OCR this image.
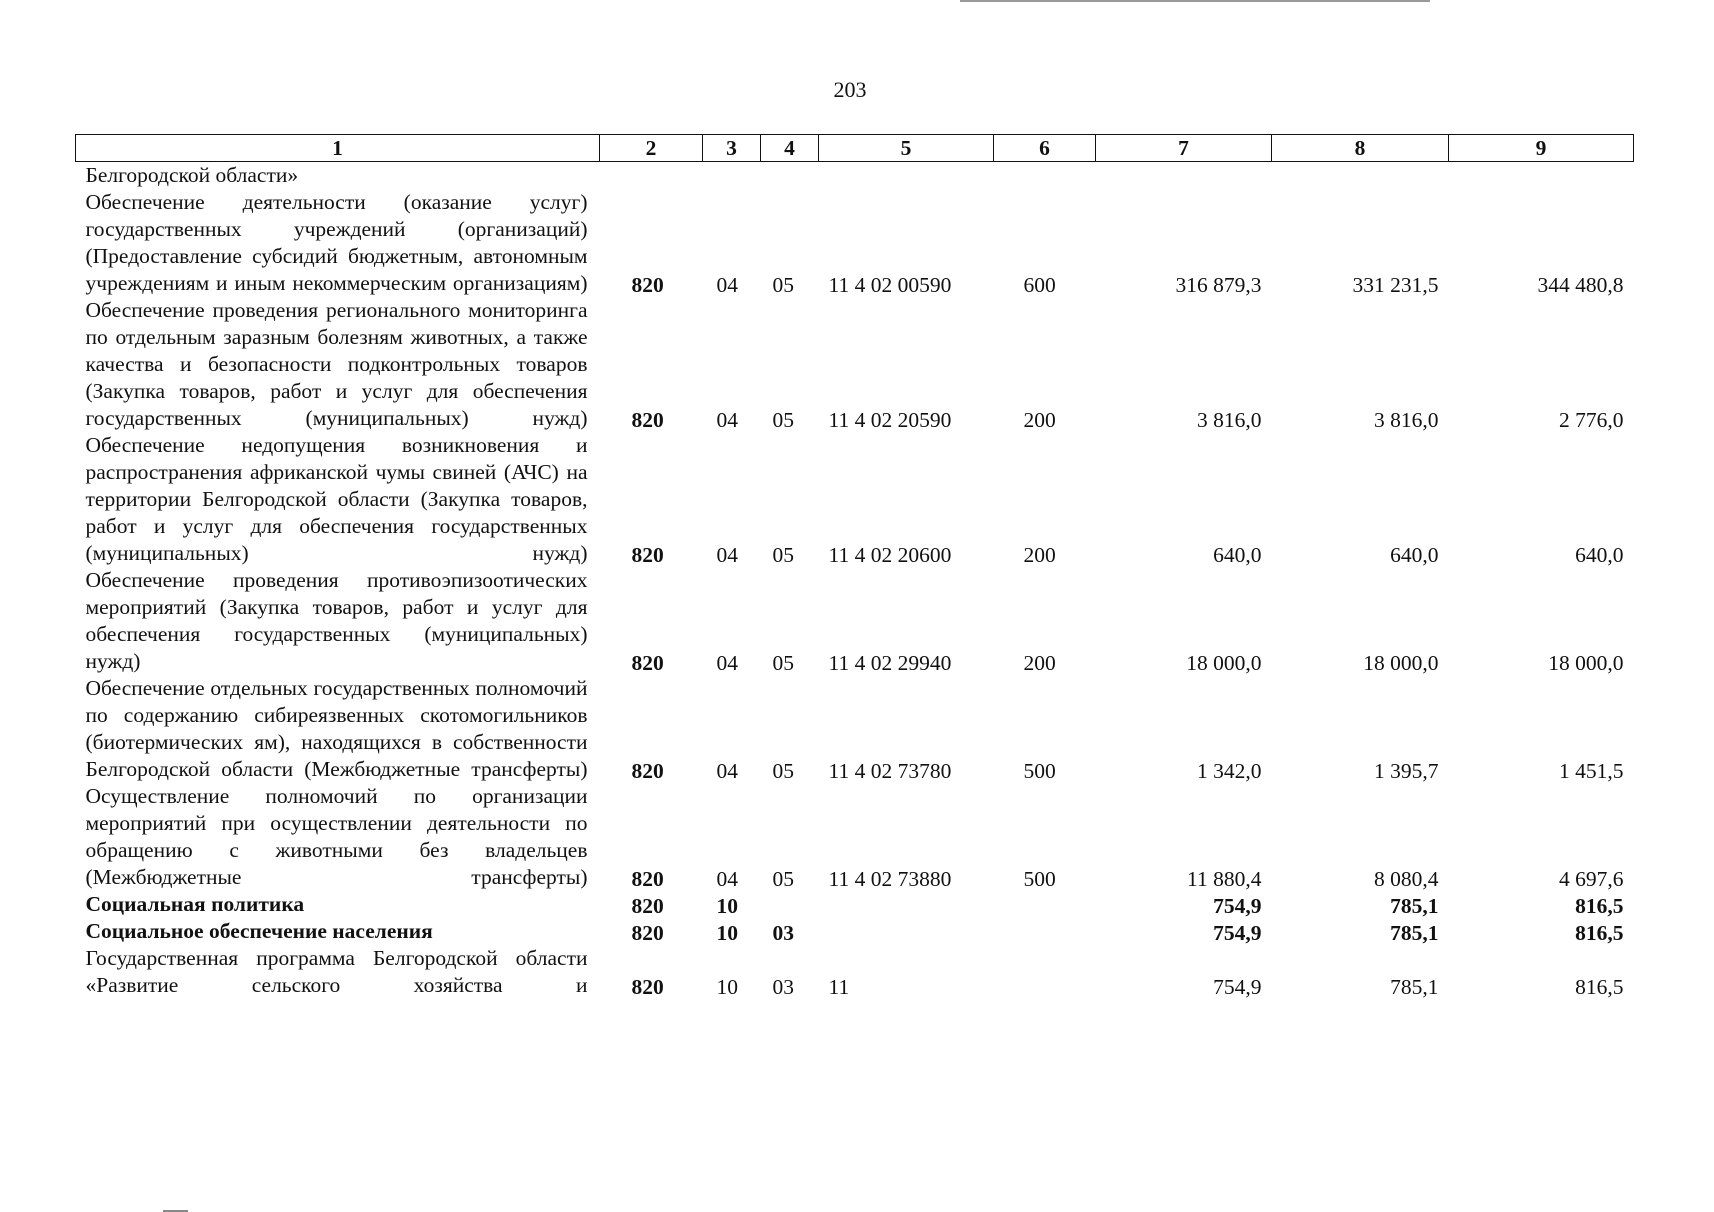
203
1	2	3	4	5	6	7	8	9
Белгородской области»								
Обеспечение деятельности (оказание услуг) государственных учреждений (организаций) (Предоставление субсидий бюджетным, автономным учреждениям и иным некоммерческим организациям)	820	04	05	11 4 02 00590	600	316 879,3	331 231,5	344 480,8
Обеспечение проведения регионального мониторинга по отдельным заразным болезням животных, а также качества и безопасности подконтрольных товаров (Закупка товаров, работ и услуг для обеспечения государственных (муниципальных) нужд)	820	04	05	11 4 02 20590	200	3 816,0	3 816,0	2 776,0
Обеспечение недопущения возникновения и распространения африканской чумы свиней (АЧС) на территории Белгородской области (Закупка товаров, работ и услуг для обеспечения государственных (муниципальных) нужд)	820	04	05	11 4 02 20600	200	640,0	640,0	640,0
Обеспечение проведения противоэпизоотических мероприятий (Закупка товаров, работ и услуг для обеспечения государственных (муниципальных) нужд)	820	04	05	11 4 02 29940	200	18 000,0	18 000,0	18 000,0
Обеспечение отдельных государственных полномочий по содержанию сибиреязвенных скотомогильников (биотермических ям), находящихся в собственности Белгородской области (Межбюджетные трансферты)	820	04	05	11 4 02 73780	500	1 342,0	1 395,7	1 451,5
Осуществление полномочий по организации мероприятий при осуществлении деятельности по обращению с животными без владельцев (Межбюджетные трансферты)	820	04	05	11 4 02 73880	500	11 880,4	8 080,4	4 697,6
Социальная политика	820	10				754,9	785,1	816,5
Социальное обеспечение населения	820	10	03			754,9	785,1	816,5
Государственная программа Белгородской области «Развитие сельского хозяйства и	820	10	03	11		754,9	785,1	816,5
